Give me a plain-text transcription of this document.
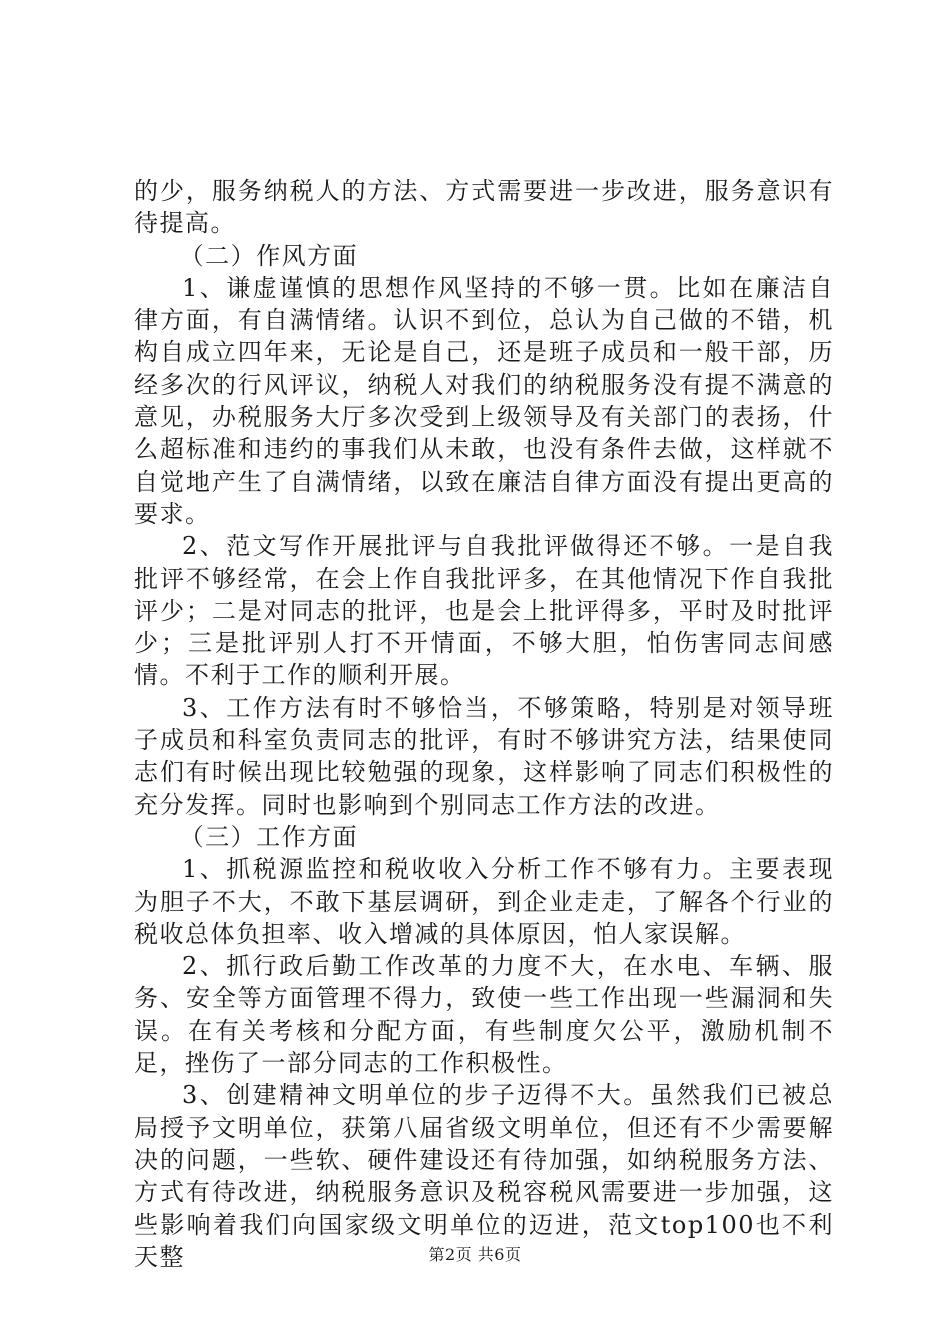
的少，服务纳税人的方法、方式需要进一步改进，服务意识有待提高。

（二）作风方面

1、谦虚谨慎的思想作风坚持的不够一贯。比如在廉洁自律方面，有自满情绪。认识不到位，总认为自己做的不错，机构自成立四年来，无论是自己，还是班子成员和一般干部，历经多次的行风评议，纳税人对我们的纳税服务没有提不满意的意见，办税服务大厅多次受到上级领导及有关部门的表扬，什么超标准和违约的事我们从未敢，也没有条件去做，这样就不自觉地产生了自满情绪，以致在廉洁自律方面没有提出更高的要求。

2、范文写作开展批评与自我批评做得还不够。一是自我批评不够经常，在会上作自我批评多，在其他情况下作自我批评少；二是对同志的批评，也是会上批评得多，平时及时批评少；三是批评别人打不开情面，不够大胆，怕伤害同志间感情。不利于工作的顺利开展。

3、工作方法有时不够恰当，不够策略，特别是对领导班子成员和科室负责同志的批评，有时不够讲究方法，结果使同志们有时候出现比较勉强的现象，这样影响了同志们积极性的充分发挥。同时也影响到个别同志工作方法的改进。

（三）工作方面

1、抓税源监控和税收收入分析工作不够有力。主要表现为胆子不大，不敢下基层调研，到企业走走，了解各个行业的税收总体负担率、收入增减的具体原因，怕人家误解。

2、抓行政后勤工作改革的力度不大，在水电、车辆、服务、安全等方面管理不得力，致使一些工作出现一些漏洞和失误。在有关考核和分配方面，有些制度欠公平，激励机制不足，挫伤了一部分同志的工作积极性。

3、创建精神文明单位的步子迈得不大。虽然我们已被总局授予文明单位，获第八届省级文明单位，但还有不少需要解决的问题，一些软、硬件建设还有待加强，如纳税服务方法、方式有待改进，纳税服务意识及税容税风需要进一步加强，这些影响着我们向国家级文明单位的迈进，范文top100也不利天整	第2页 共6页
